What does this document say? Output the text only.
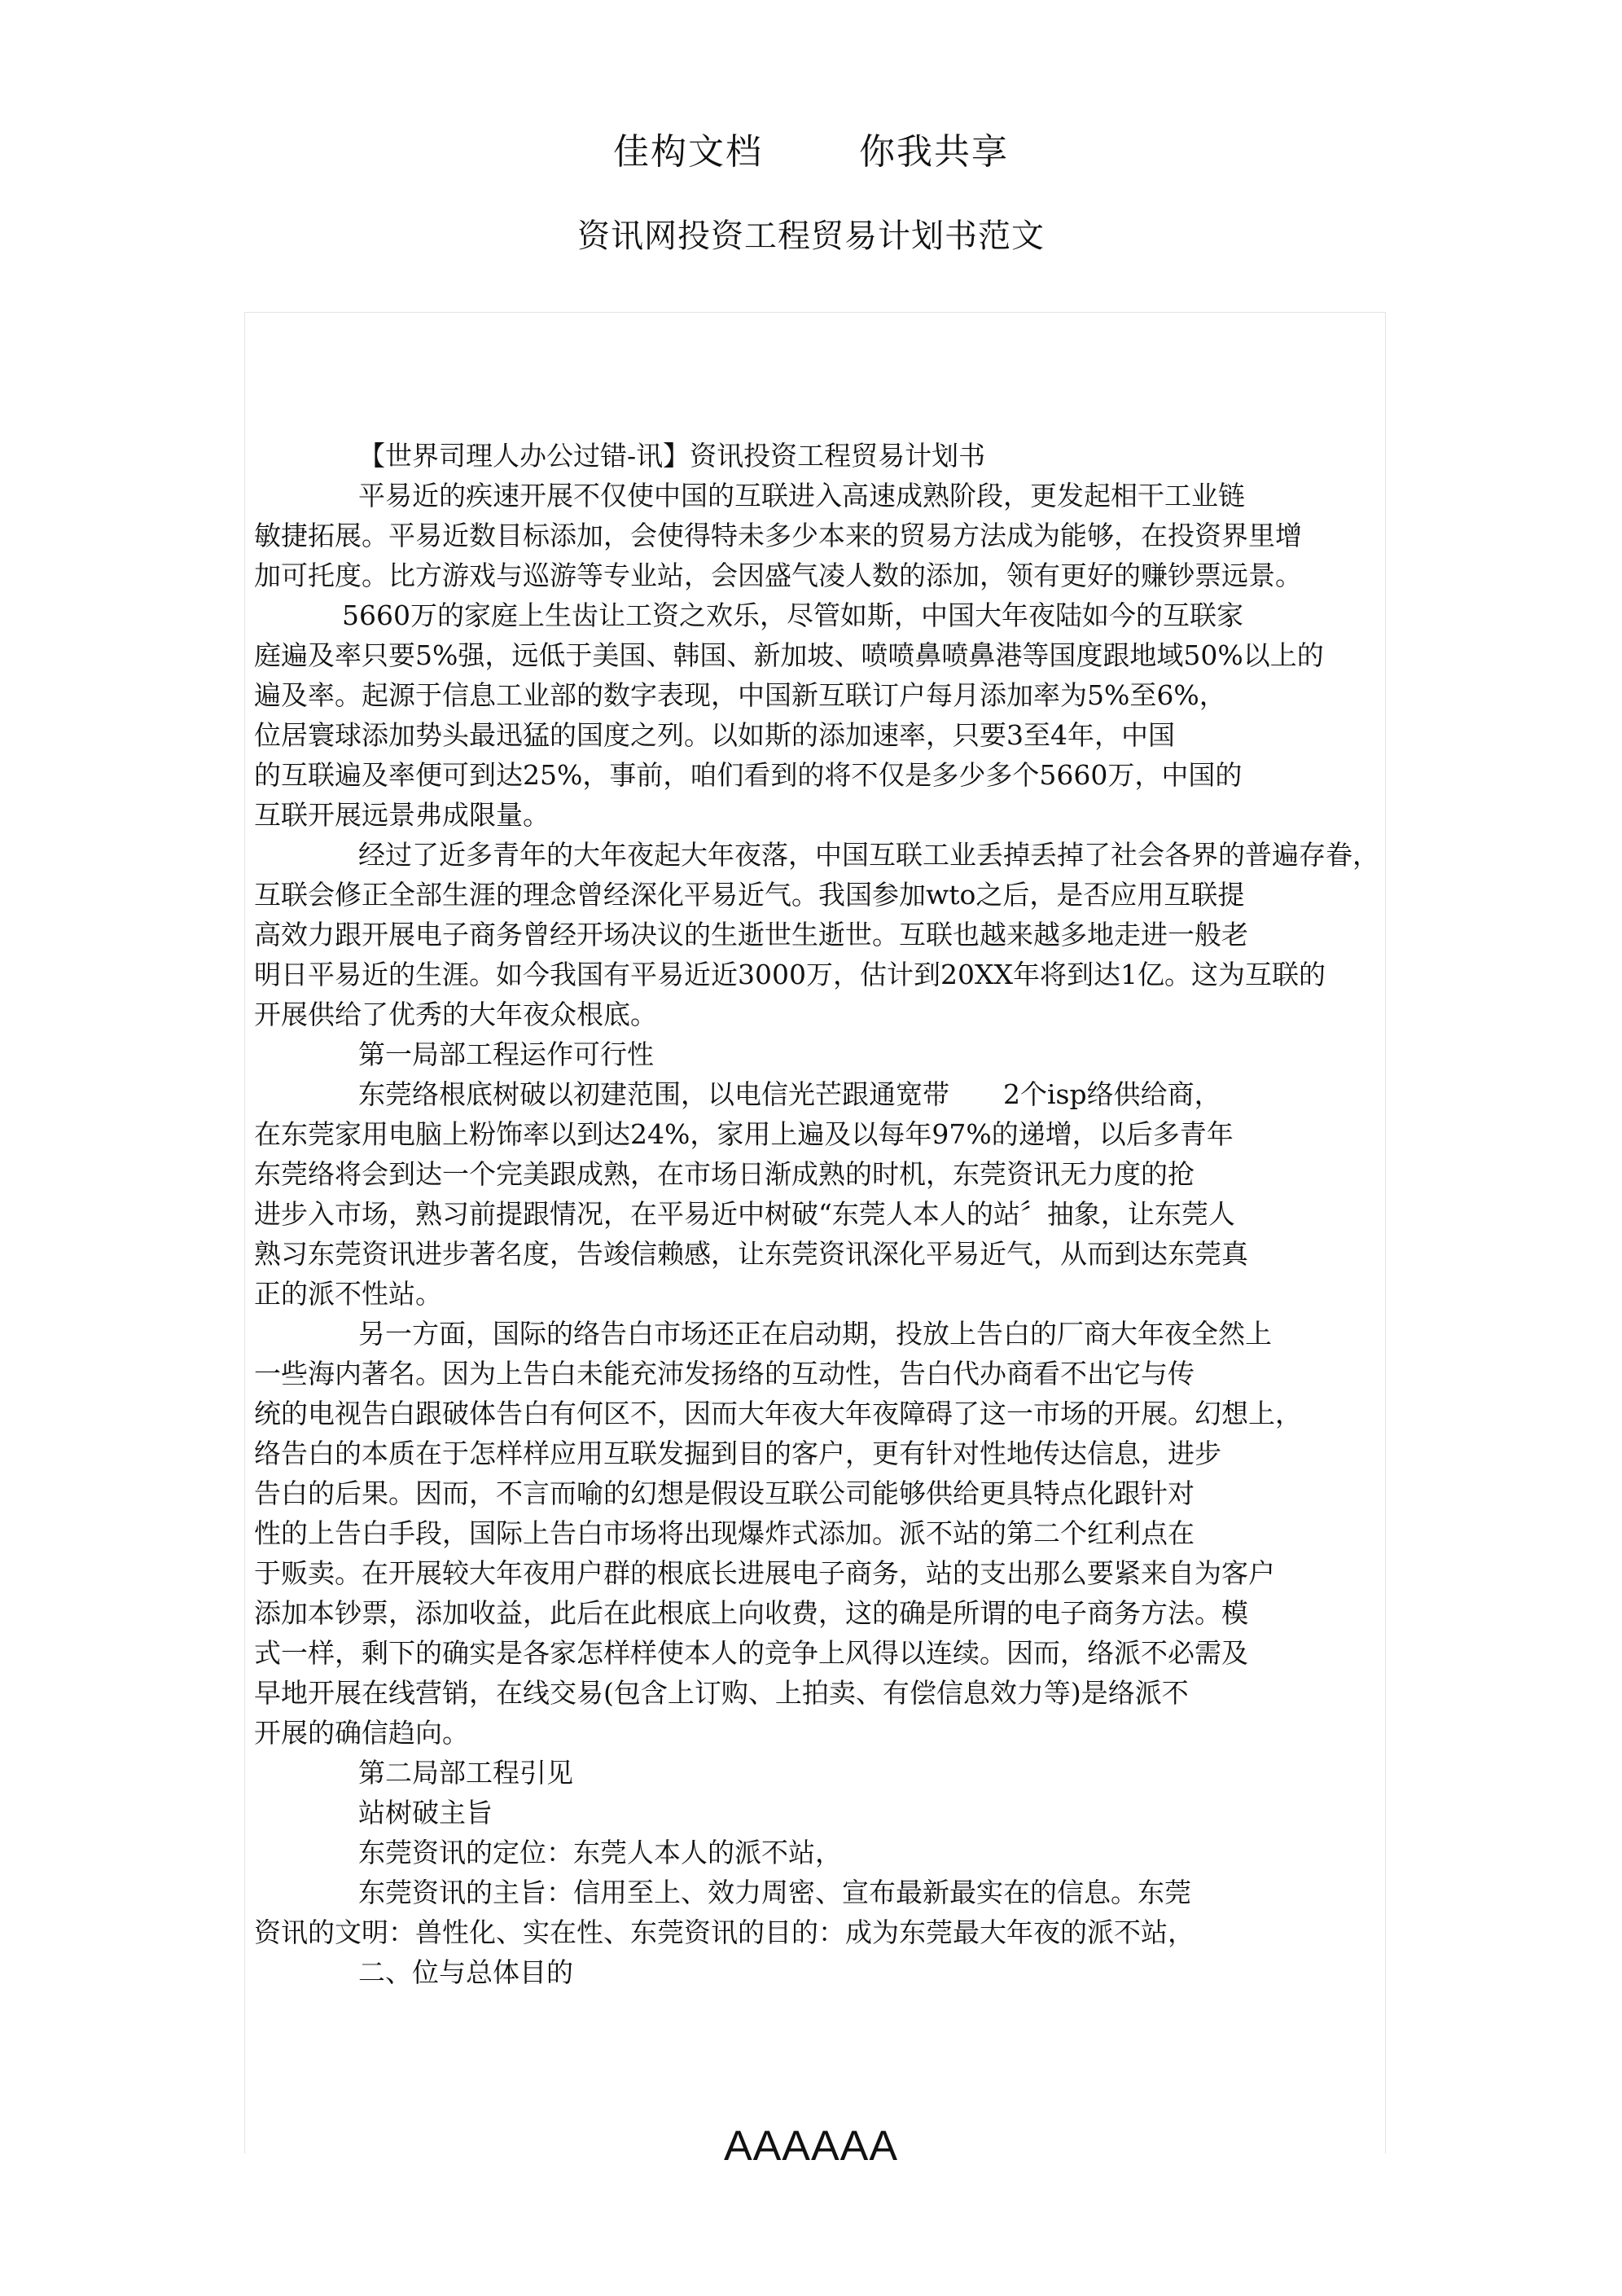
佳构文档	你我共享
资讯网投资工程贸易计划书范文
【世界司理人办公过错-讯】资讯投资工程贸易计划书
平易近的疾速开展不仅使中国的互联进入高速成熟阶段，更发起相干工业链
敏捷拓展。平易近数目标添加，会使得特未多少本来的贸易方法成为能够，在投资界里增
加可托度。比方游戏与巡游等专业站，会因盛气凌人数的添加，领有更好的赚钞票远景。
5660万的家庭上生齿让工资之欢乐，尽管如斯，中国大年夜陆如今的互联家
庭遍及率只要5%强，远低于美国、韩国、新加坡、喷喷鼻喷鼻港等国度跟地域50%以上的
遍及率。起源于信息工业部的数字表现，中国新互联订户每月添加率为5%至6%，
位居寰球添加势头最迅猛的国度之列。以如斯的添加速率，只要3至4年，中国
的互联遍及率便可到达25%，事前，咱们看到的将不仅是多少多个5660万，中国的
互联开展远景弗成限量。
经过了近多青年的大年夜起大年夜落，中国互联工业丢掉丢掉了社会各界的普遍存眷，
互联会修正全部生涯的理念曾经深化平易近气。我国参加wto之后，是否应用互联提
高效力跟开展电子商务曾经开场决议的生逝世生逝世。互联也越来越多地走进一般老
明日平易近的生涯。如今我国有平易近近3000万，估计到20XX年将到达1亿。这为互联的
开展供给了优秀的大年夜众根底。
第一局部工程运作可行性
东莞络根底树破以初建范围，以电信光芒跟通宽带　　2个isp络供给商，
在东莞家用电脑上粉饰率以到达24%，家用上遍及以每年97%的递增，以后多青年
东莞络将会到达一个完美跟成熟，在市场日渐成熟的时机，东莞资讯无力度的抢
进步入市场，熟习前提跟情况，在平易近中树破“东莞人本人的站〞抽象，让东莞人
熟习东莞资讯进步著名度，告竣信赖感，让东莞资讯深化平易近气，从而到达东莞真
正的派不性站。
另一方面，国际的络告白市场还正在启动期，投放上告白的厂商大年夜全然上
一些海内著名。因为上告白未能充沛发扬络的互动性，告白代办商看不出它与传
统的电视告白跟破体告白有何区不，因而大年夜大年夜障碍了这一市场的开展。幻想上，
络告白的本质在于怎样样应用互联发掘到目的客户，更有针对性地传达信息，进步
告白的后果。因而，不言而喻的幻想是假设互联公司能够供给更具特点化跟针对
性的上告白手段，国际上告白市场将出现爆炸式添加。派不站的第二个红利点在
于贩卖。在开展较大年夜用户群的根底长进展电子商务，站的支出那么要紧来自为客户
添加本钞票，添加收益，此后在此根底上向收费，这的确是所谓的电子商务方法。模
式一样，剩下的确实是各家怎样样使本人的竞争上风得以连续。因而，络派不必需及
早地开展在线营销，在线交易(包含上订购、上拍卖、有偿信息效力等)是络派不
开展的确信趋向。
第二局部工程引见
站树破主旨
东莞资讯的定位：东莞人本人的派不站，
东莞资讯的主旨：信用至上、效力周密、宣布最新最实在的信息。东莞
资讯的文明：兽性化、实在性、东莞资讯的目的：成为东莞最大年夜的派不站，
二、位与总体目的
AAAAAA
